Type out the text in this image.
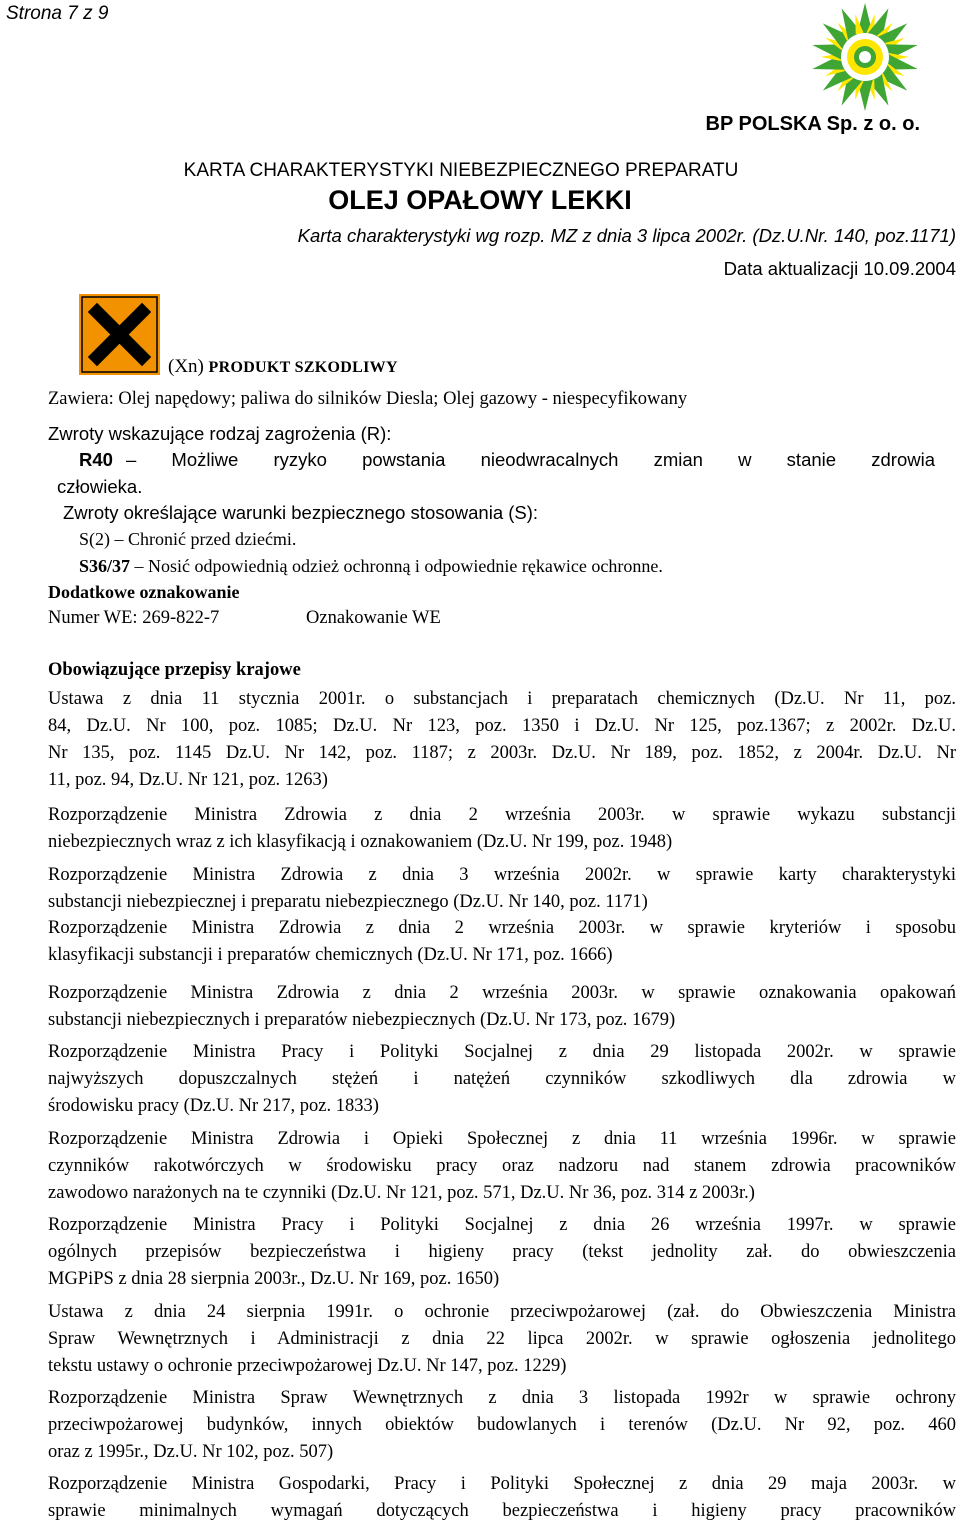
Strona 7 z 9
BP POLSKA Sp. z o. o.
KARTA CHARAKTERYSTYKI NIEBEZPIECZNEGO PREPARATU
OLEJ OPAŁOWY LEKKI
Karta charakterystyki wg rozp. MZ z dnia 3 lipca 2002r. (Dz.U.Nr. 140, poz.1171)
Data aktualizacji 10.09.2004
(Xn) PRODUKT SZKODLIWY
Zawiera: Olej napędowy; paliwa do silników Diesla; Olej gazowy - niespecyfikowany
Zwroty wskazujące rodzaj zagrożenia (R):
R40 – Możliwe ryzyko powstania nieodwracalnych zmian w stanie zdrowia
człowieka.
Zwroty określające warunki bezpiecznego stosowania (S):
S(2) – Chronić przed dziećmi.
S36/37 – Nosić odpowiednią odzież ochronną i odpowiednie rękawice ochronne.
Dodatkowe oznakowanie
Numer WE: 269-822-7	Oznakowanie WE
Obowiązujące przepisy krajowe
Ustawa z dnia 11 stycznia 2001r. o substancjach i preparatach chemicznych (Dz.U. Nr 11, poz.
84, Dz.U. Nr 100, poz. 1085; Dz.U. Nr 123, poz. 1350 i Dz.U. Nr 125, poz.1367; z 2002r. Dz.U.
Nr 135, poz. 1145 Dz.U. Nr 142, poz. 1187; z 2003r. Dz.U. Nr 189, poz. 1852, z 2004r. Dz.U. Nr
11, poz. 94, Dz.U. Nr 121, poz. 1263)
Rozporządzenie Ministra Zdrowia z dnia 2 września 2003r. w sprawie wykazu substancji
niebezpiecznych wraz z ich klasyfikacją i oznakowaniem (Dz.U. Nr 199, poz. 1948)
Rozporządzenie Ministra Zdrowia z dnia 3 września 2002r. w sprawie karty charakterystyki
substancji niebezpiecznej i preparatu niebezpiecznego (Dz.U. Nr 140, poz. 1171)
Rozporządzenie Ministra Zdrowia z dnia 2 września 2003r. w sprawie kryteriów i sposobu
klasyfikacji substancji i preparatów chemicznych (Dz.U. Nr 171, poz. 1666)
Rozporządzenie Ministra Zdrowia z dnia 2 września 2003r. w sprawie oznakowania opakowań
substancji niebezpiecznych i preparatów niebezpiecznych (Dz.U. Nr 173, poz. 1679)
Rozporządzenie Ministra Pracy i Polityki Socjalnej z dnia 29 listopada 2002r. w sprawie
najwyższych dopuszczalnych stężeń i natężeń czynników szkodliwych dla zdrowia w
środowisku pracy (Dz.U. Nr 217, poz. 1833)
Rozporządzenie Ministra Zdrowia i Opieki Społecznej z dnia 11 września 1996r. w sprawie
czynników rakotwórczych w środowisku pracy oraz nadzoru nad stanem zdrowia pracowników
zawodowo narażonych na te czynniki (Dz.U. Nr 121, poz. 571, Dz.U. Nr 36, poz. 314 z 2003r.)
Rozporządzenie Ministra Pracy i Polityki Socjalnej z dnia 26 września 1997r. w sprawie
ogólnych przepisów bezpieczeństwa i higieny pracy (tekst jednolity zał. do obwieszczenia
MGPiPS z dnia 28 sierpnia 2003r., Dz.U. Nr 169, poz. 1650)
Ustawa z dnia 24 sierpnia 1991r. o ochronie przeciwpożarowej (zał. do Obwieszczenia Ministra
Spraw Wewnętrznych i Administracji z dnia 22 lipca 2002r. w sprawie ogłoszenia jednolitego
tekstu ustawy o ochronie przeciwpożarowej Dz.U. Nr 147, poz. 1229)
Rozporządzenie Ministra Spraw Wewnętrznych z dnia 3 listopada 1992r w sprawie ochrony
przeciwpożarowej budynków, innych obiektów budowlanych i terenów (Dz.U. Nr 92, poz. 460
oraz z 1995r., Dz.U. Nr 102, poz. 507)
Rozporządzenie Ministra Gospodarki, Pracy i Polityki Społecznej z dnia 29 maja 2003r. w
sprawie minimalnych wymagań dotyczących bezpieczeństwa i higieny pracy pracowników
